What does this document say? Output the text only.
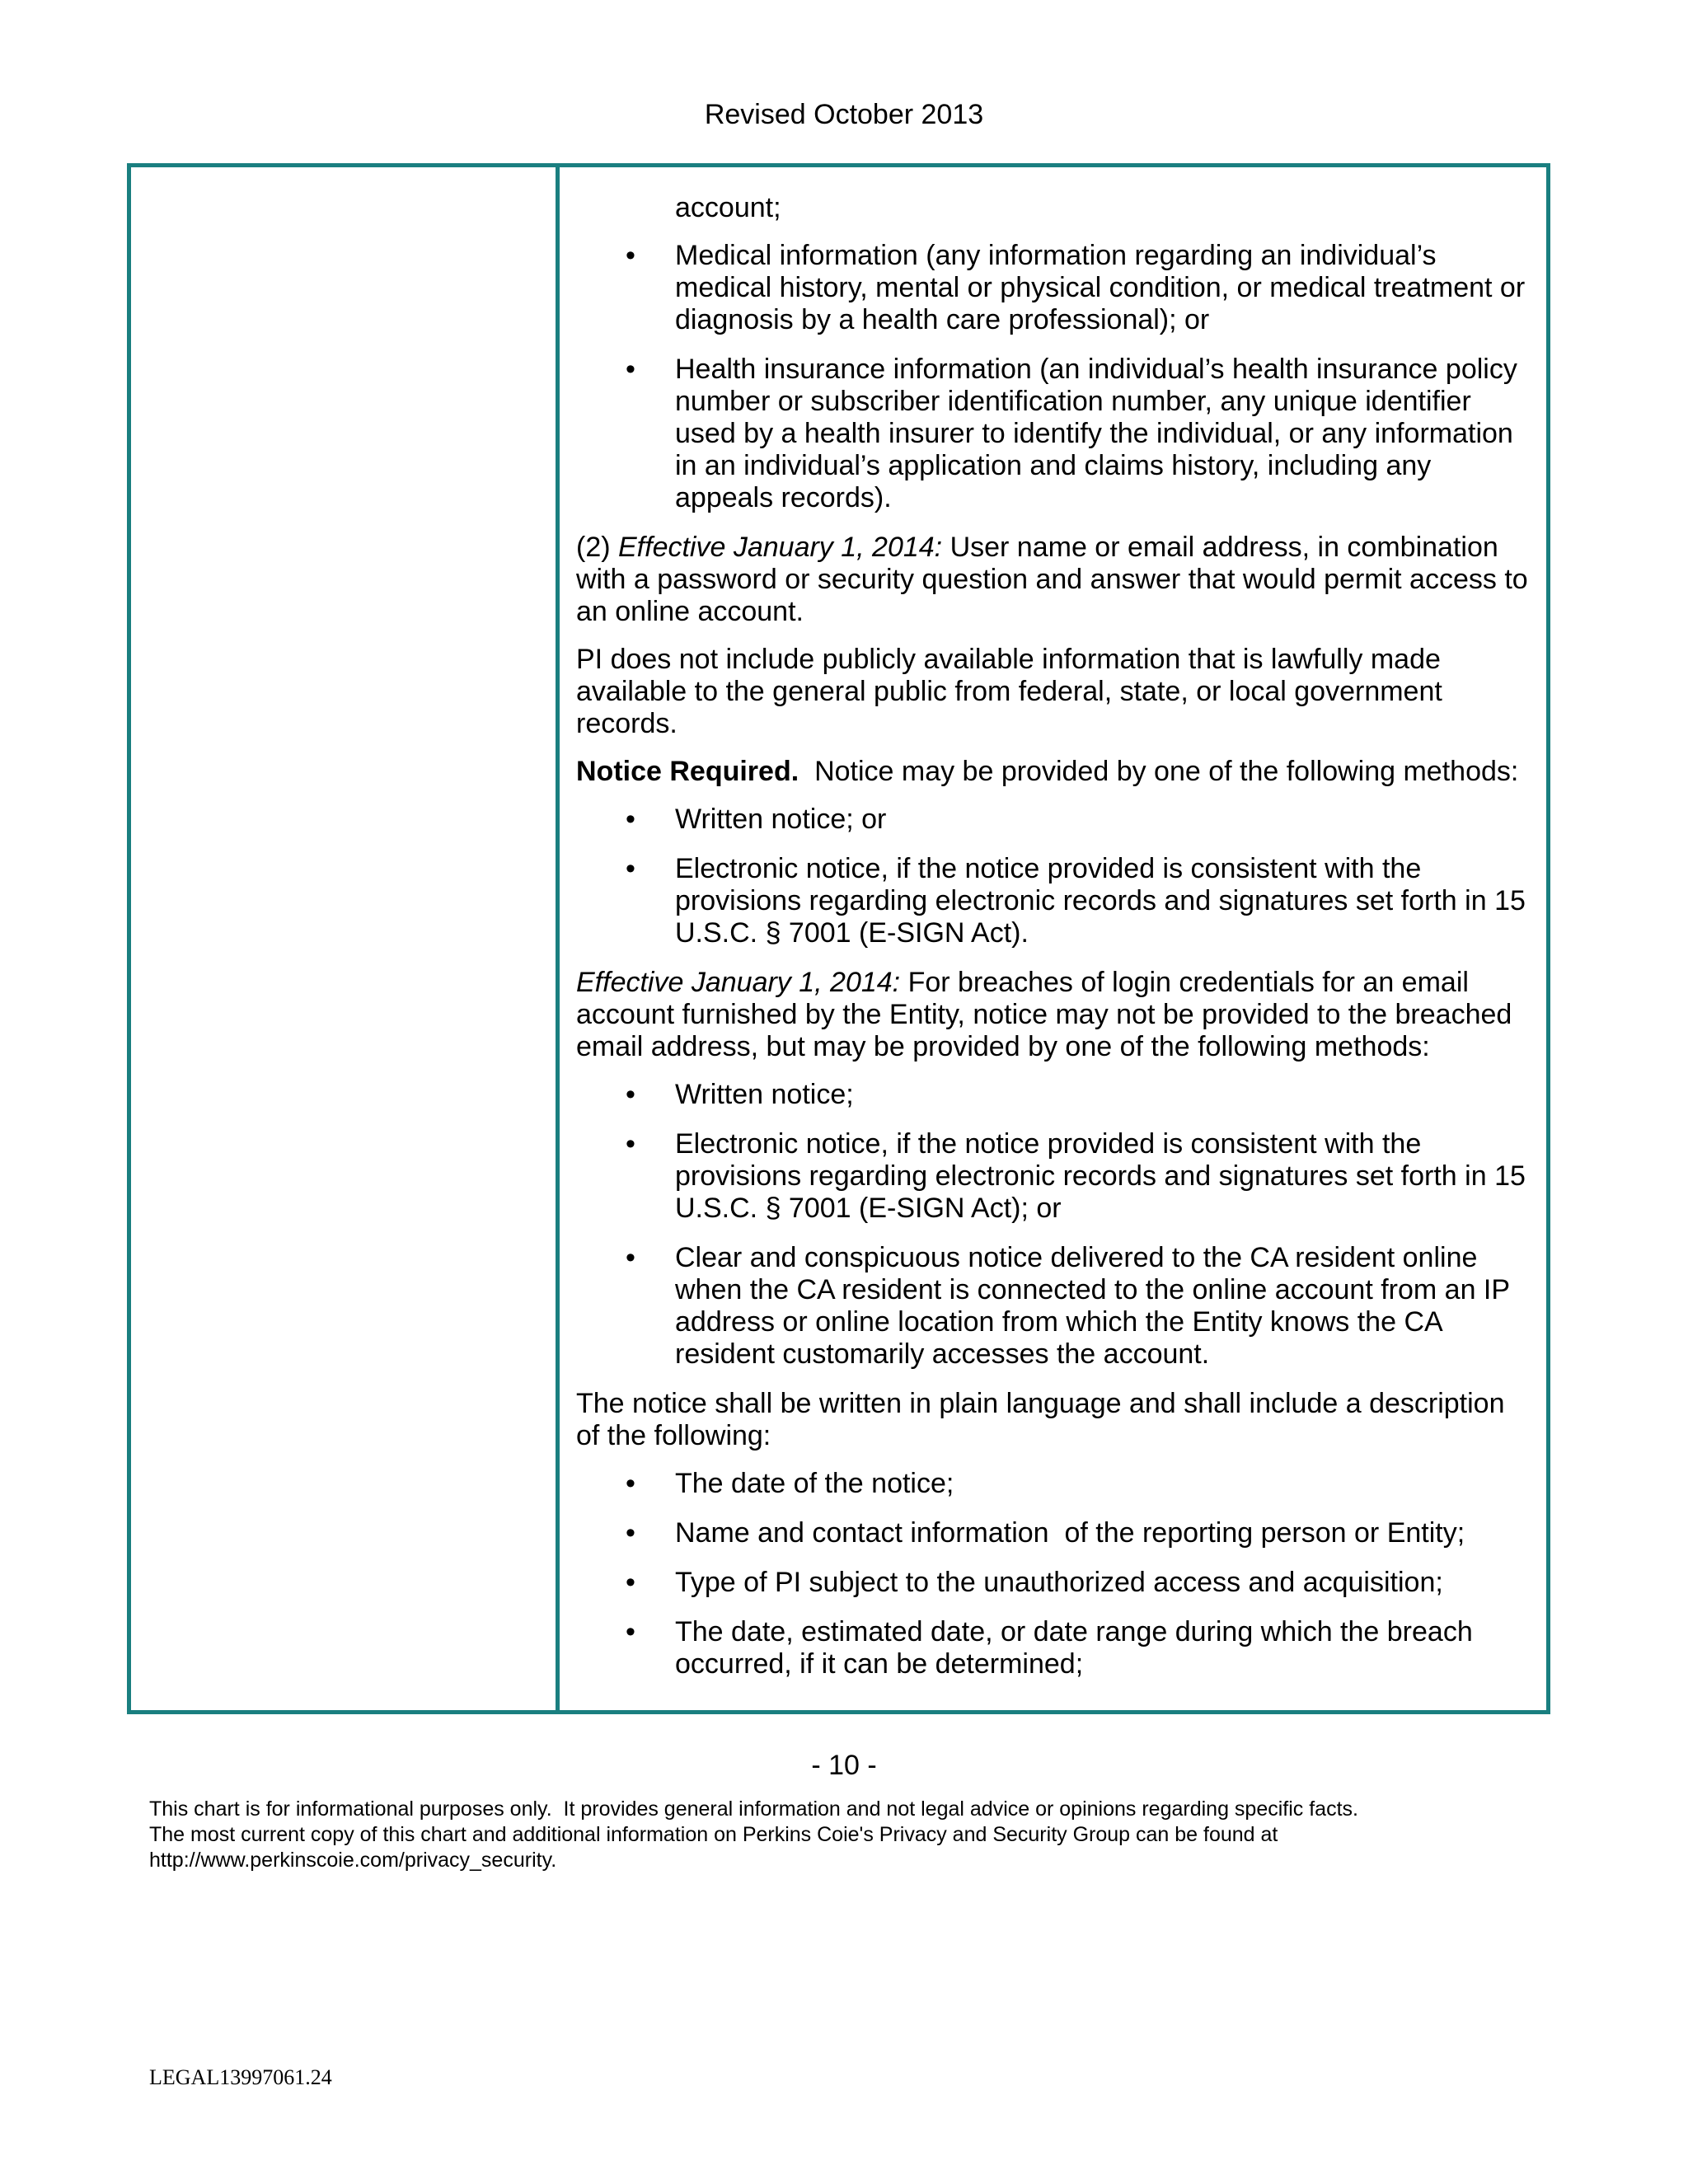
Revised October 2013

account;

• Medical information (any information regarding an individual’s medical history, mental or physical condition, or medical treatment or diagnosis by a health care professional); or
• Health insurance information (an individual’s health insurance policy number or subscriber identification number, any unique identifier used by a health insurer to identify the individual, or any information in an individual’s application and claims history, including any appeals records).

(2) Effective January 1, 2014: User name or email address, in combination with a password or security question and answer that would permit access to an online account.

PI does not include publicly available information that is lawfully made available to the general public from federal, state, or local government records.

Notice Required.  Notice may be provided by one of the following methods:

• Written notice; or
• Electronic notice, if the notice provided is consistent with the provisions regarding electronic records and signatures set forth in 15 U.S.C. § 7001 (E-SIGN Act).

Effective January 1, 2014: For breaches of login credentials for an email account furnished by the Entity, notice may not be provided to the breached email address, but may be provided by one of the following methods:

• Written notice;
• Electronic notice, if the notice provided is consistent with the provisions regarding electronic records and signatures set forth in 15 U.S.C. § 7001 (E-SIGN Act); or
• Clear and conspicuous notice delivered to the CA resident online when the CA resident is connected to the online account from an IP address or online location from which the Entity knows the CA resident customarily accesses the account.

The notice shall be written in plain language and shall include a description of the following:

• The date of the notice;
• Name and contact information  of the reporting person or Entity;
• Type of PI subject to the unauthorized access and acquisition;
• The date, estimated date, or date range during which the breach occurred, if it can be determined;
- 10 -
This chart is for informational purposes only.  It provides general information and not legal advice or opinions regarding specific facts.
The most current copy of this chart and additional information on Perkins Coie's Privacy and Security Group can be found at
http://www.perkinscoie.com/privacy_security.
LEGAL13997061.24
